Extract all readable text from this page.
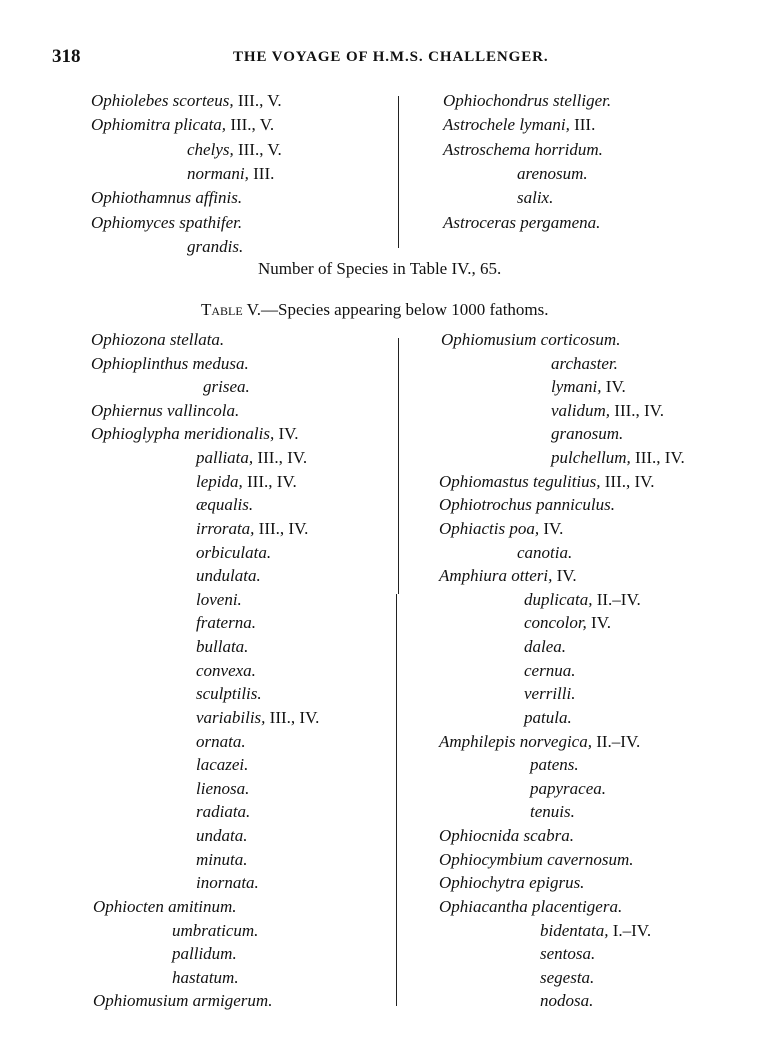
318	THE VOYAGE OF H.M.S. CHALLENGER.
Ophiolebes scorteus, III., V.
Ophiomitra plicata, III., V.
chelys, III., V.
normani, III.
Ophiothamnus affinis.
Ophiomyces spathifer.
grandis.
Ophiochondrus stelliger.
Astrochele lymani, III.
Astroschema horridum.
arenosum.
salix.
Astroceras pergamena.
Number of Species in Table IV., 65.
Table V.—Species appearing below 1000 fathoms.
Ophiozona stellata.
Ophioplinthus medusa.
grisea.
Ophiernus vallincola.
Ophioglypha meridionalis, IV.
palliata, III., IV.
lepida, III., IV.
æqualis.
irrorata, III., IV.
orbiculata.
undulata.
loveni.
fraterna.
bullata.
convexa.
sculptilis.
variabilis, III., IV.
ornata.
lacazei.
lienosa.
radiata.
undata.
minuta.
inornata.
Ophiocten amitinum.
umbraticum.
pallidum.
hastatum.
Ophiomusium armigerum.
Ophiomusium corticosum.
archaster.
lymani, IV.
validum, III., IV.
granosum.
pulchellum, III., IV.
Ophiomastus tegulitius, III., IV.
Ophiotrochus panniculus.
Ophiactis poa, IV.
canotia.
Amphiura otteri, IV.
duplicata, II.–IV.
concolor, IV.
dalea.
cernua.
verrilli.
patula.
Amphilepis norvegica, II.–IV.
patens.
papyracea.
tenuis.
Ophiocnida scabra.
Ophiocymbium cavernosum.
Ophiochytra epigrus.
Ophiacantha placentigera.
bidentata, I.–IV.
sentosa.
segesta.
nodosa.
